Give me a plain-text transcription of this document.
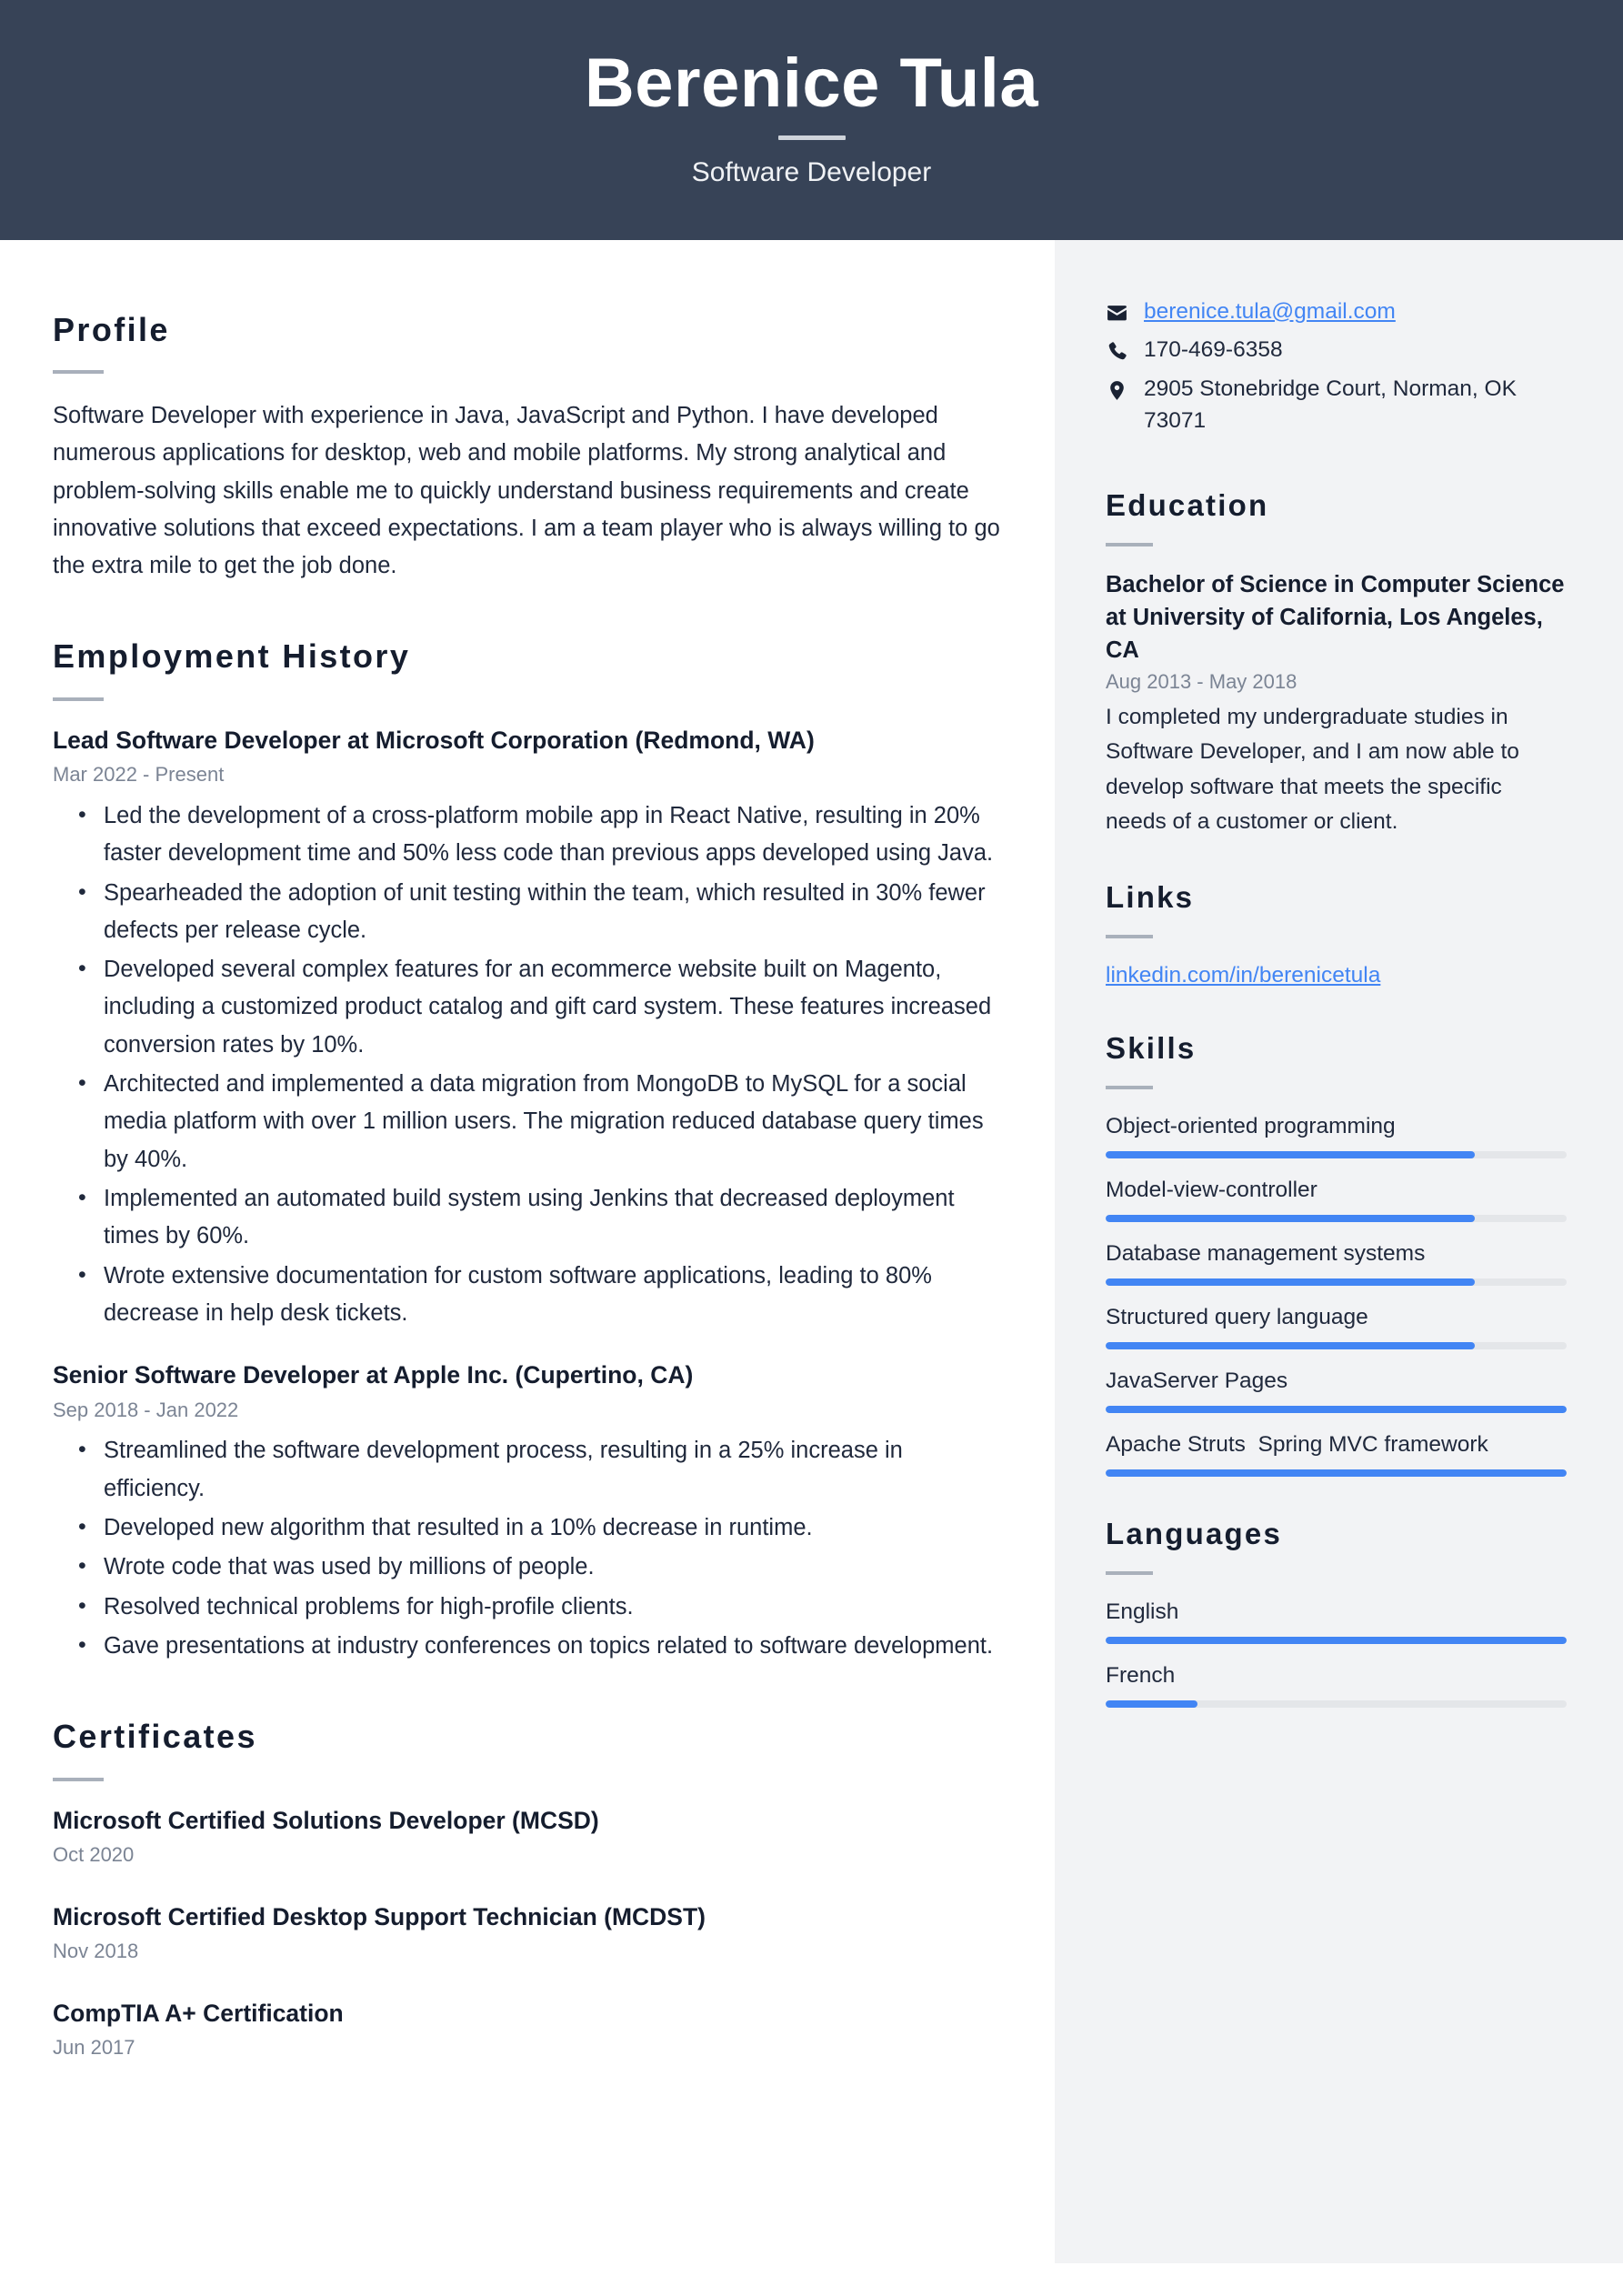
Berenice Tula
Software Developer
Profile
Software Developer with experience in Java, JavaScript and Python. I have developed numerous applications for desktop, web and mobile platforms. My strong analytical and problem-solving skills enable me to quickly understand business requirements and create innovative solutions that exceed expectations. I am a team player who is always willing to go the extra mile to get the job done.
Employment History
Lead Software Developer at Microsoft Corporation (Redmond, WA)
Mar 2022 - Present
• Led the development of a cross-platform mobile app in React Native, resulting in 20% faster development time and 50% less code than previous apps developed using Java.
• Spearheaded the adoption of unit testing within the team, which resulted in 30% fewer defects per release cycle.
• Developed several complex features for an ecommerce website built on Magento, including a customized product catalog and gift card system. These features increased conversion rates by 10%.
• Architected and implemented a data migration from MongoDB to MySQL for a social media platform with over 1 million users. The migration reduced database query times by 40%.
• Implemented an automated build system using Jenkins that decreased deployment times by 60%.
• Wrote extensive documentation for custom software applications, leading to 80% decrease in help desk tickets.
Senior Software Developer at Apple Inc. (Cupertino, CA)
Sep 2018 - Jan 2022
• Streamlined the software development process, resulting in a 25% increase in efficiency.
• Developed new algorithm that resulted in a 10% decrease in runtime.
• Wrote code that was used by millions of people.
• Resolved technical problems for high-profile clients.
• Gave presentations at industry conferences on topics related to software development.
Certificates
Microsoft Certified Solutions Developer (MCSD)
Oct 2020
Microsoft Certified Desktop Support Technician (MCDST)
Nov 2018
CompTIA A+ Certification
Jun 2017
berenice.tula@gmail.com
170-469-6358
2905 Stonebridge Court, Norman, OK 73071
Education
Bachelor of Science in Computer Science at University of California, Los Angeles, CA
Aug 2013 - May 2018
I completed my undergraduate studies in Software Developer, and I am now able to develop software that meets the specific needs of a customer or client.
Links
linkedin.com/in/berenicetula
Skills
Object-oriented programming
Model-view-controller
Database management systems
Structured query language
JavaServer Pages
Apache Struts  Spring MVC framework
Languages
English
French
